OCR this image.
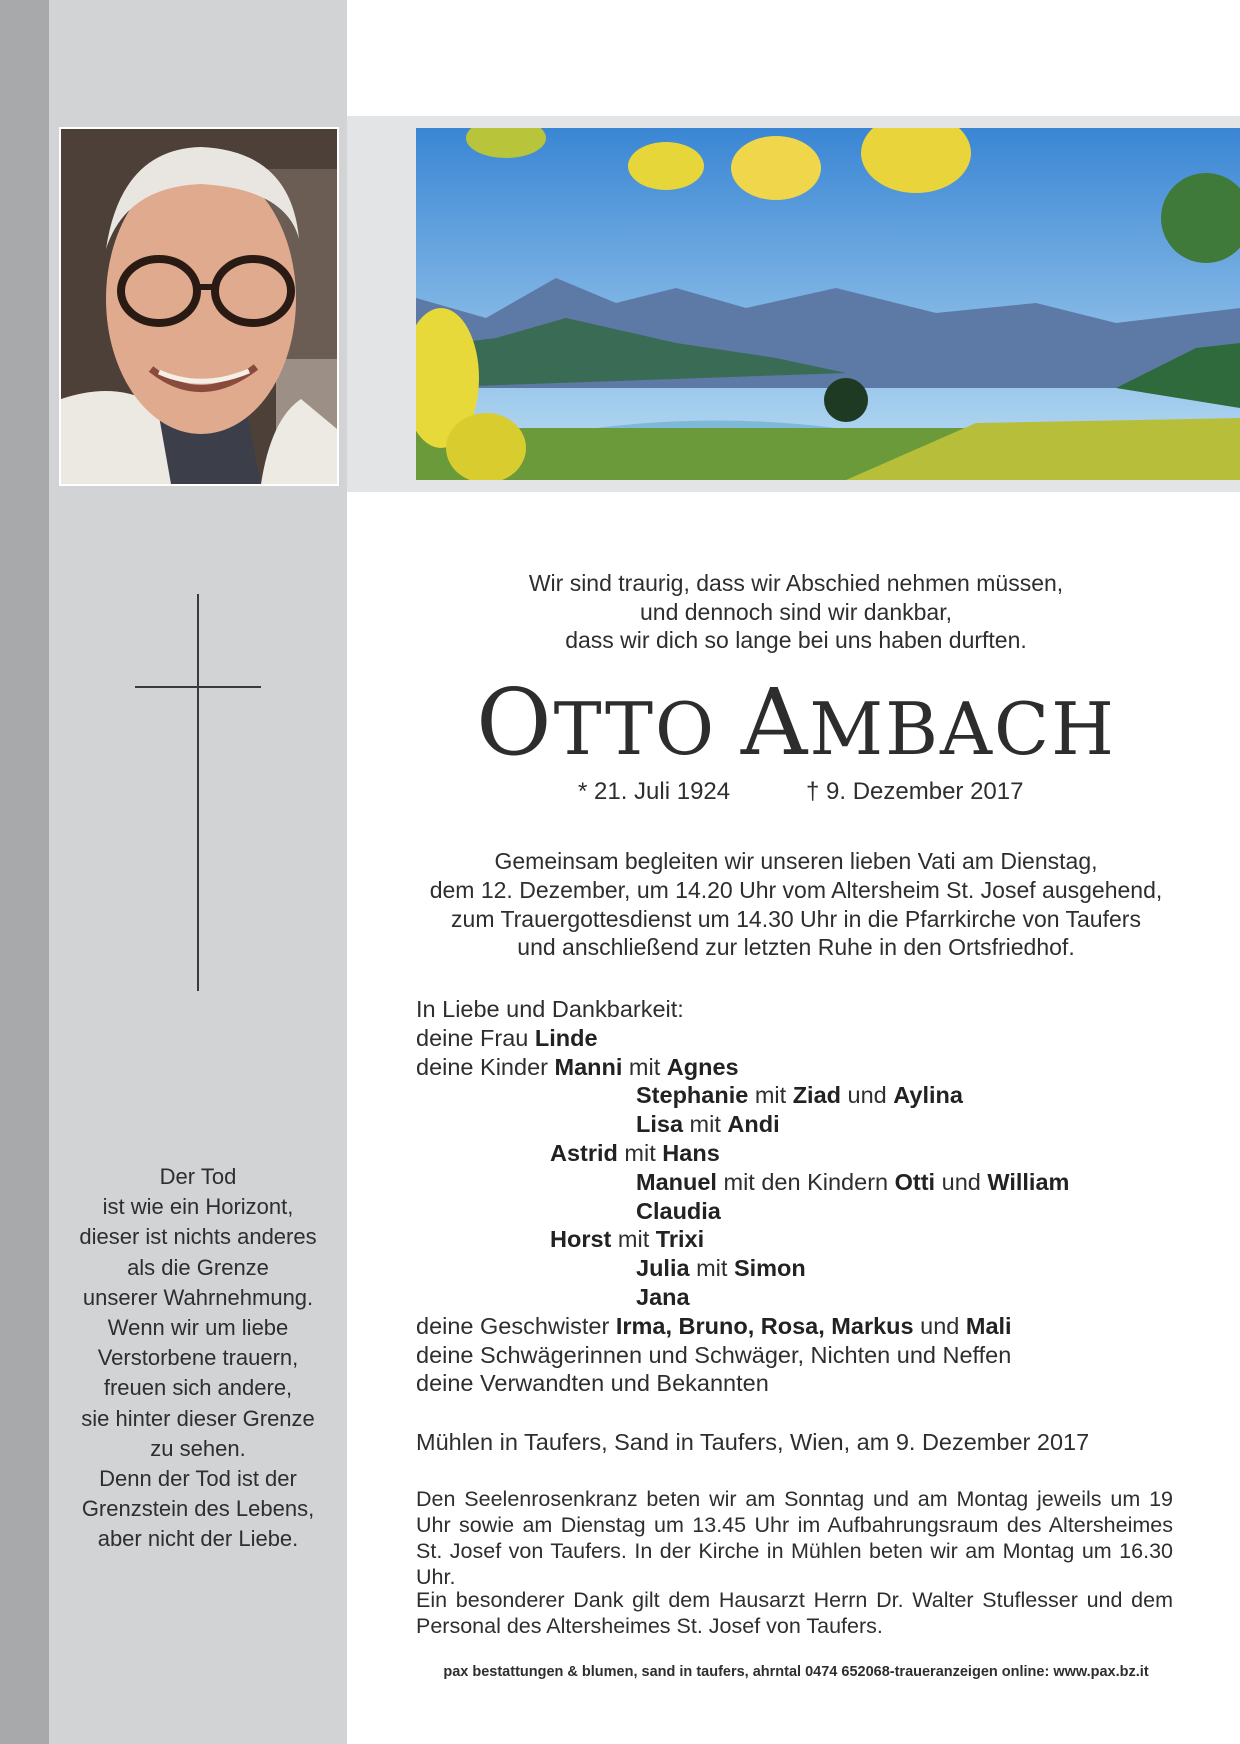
Der Tod
ist wie ein Horizont,
dieser ist nichts anderes
als die Grenze
unserer Wahrnehmung.
Wenn wir um liebe
Verstorbene trauern,
freuen sich andere,
sie hinter dieser Grenze
zu sehen.
Denn der Tod ist der
Grenzstein des Lebens,
aber nicht der Liebe.
Wir sind traurig, dass wir Abschied nehmen müssen,
und dennoch sind wir dankbar,
dass wir dich so lange bei uns haben durften.
OTTO AMBACH
* 21. Juli 1924	† 9. Dezember 2017
Gemeinsam begleiten wir unseren lieben Vati am Dienstag,
dem 12. Dezember, um 14.20 Uhr vom Altersheim St. Josef ausgehend,
zum Trauergottesdienst um 14.30 Uhr in die Pfarrkirche von Taufers
und anschließend zur letzten Ruhe in den Ortsfriedhof.
In Liebe und Dankbarkeit:
deine Frau Linde
deine Kinder Manni mit Agnes
Stephanie mit Ziad und Aylina
Lisa mit Andi
Astrid mit Hans
Manuel mit den Kindern Otti und William
Claudia
Horst mit Trixi
Julia mit Simon
Jana
deine Geschwister Irma, Bruno, Rosa, Markus und Mali
deine Schwägerinnen und Schwäger, Nichten und Neffen
deine Verwandten und Bekannten
Mühlen in Taufers, Sand in Taufers, Wien, am 9. Dezember 2017
Den Seelenrosenkranz beten wir am Sonntag und am Montag jeweils um 19 Uhr sowie am Dienstag um 13.45 Uhr im Aufbahrungsraum des Altersheimes St. Josef von Taufers. In der Kirche in Mühlen beten wir am Montag um 16.30 Uhr.
Ein besonderer Dank gilt dem Hausarzt Herrn Dr. Walter Stuflesser und dem Personal des Altersheimes St. Josef von Taufers.
pax bestattungen & blumen, sand in taufers, ahrntal 0474 652068-traueranzeigen online: www.pax.bz.it
